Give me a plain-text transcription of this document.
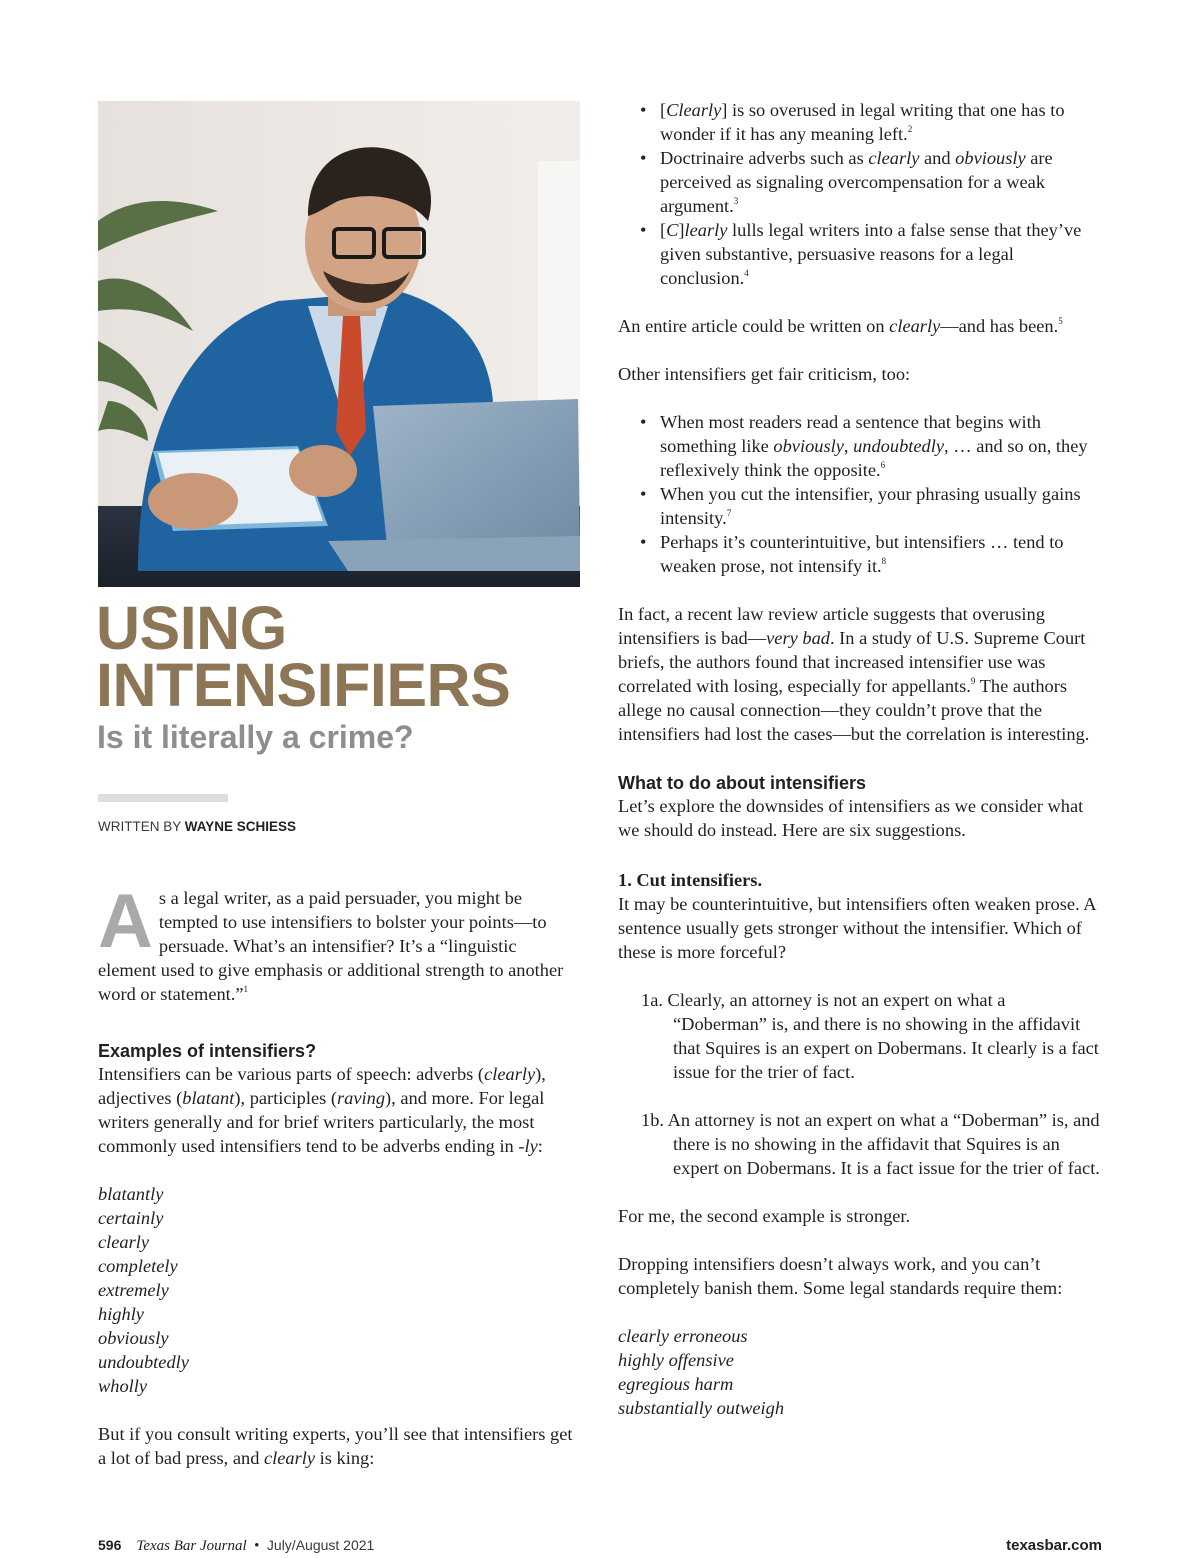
USING
INTENSIFIERS
Is it literally a crime?
WRITTEN BY WAYNE SCHIESS

As a legal writer, as a paid persuader, you might be tempted to use intensifiers to bolster your points—to persuade. What’s an intensifier? It’s a “linguistic element used to give emphasis or additional strength to another word or statement.”$^1$

Examples of intensifiers?

Intensifiers can be various parts of speech: adverbs (clearly), adjectives (blatant), participles (raving), and more. For legal writers generally and for brief writers particularly, the most commonly used intensifiers tend to be adverbs ending in -ly:

blatantly
certainly
clearly
completely
extremely
highly
obviously
undoubtedly
wholly

But if you consult writing experts, you’ll see that intensifiers get a lot of bad press, and clearly is king:

• [Clearly] is so overused in legal writing that one has to wonder if it has any meaning left.$^2$
• Doctrinaire adverbs such as clearly and obviously are perceived as signaling overcompensation for a weak argument.$^3$
• [C]learly lulls legal writers into a false sense that they’ve given substantive, persuasive reasons for a legal conclusion.$^4$

An entire article could be written on clearly—and has been.$^5$

Other intensifiers get fair criticism, too:

• When most readers read a sentence that begins with something like obviously, undoubtedly, … and so on, they reflexively think the opposite.$^6$
• When you cut the intensifier, your phrasing usually gains intensity.$^7$
• Perhaps it’s counterintuitive, but intensifiers … tend to weaken prose, not intensify it.$^8$

In fact, a recent law review article suggests that overusing intensifiers is bad—very bad. In a study of U.S. Supreme Court briefs, the authors found that increased intensifier use was correlated with losing, especially for appellants.$^9$ The authors allege no causal connection—they couldn’t prove that the intensifiers had lost the cases—but the correlation is interesting.

What to do about intensifiers

Let’s explore the downsides of intensifiers as we consider what we should do instead. Here are six suggestions.

1. Cut intensifiers.

It may be counterintuitive, but intensifiers often weaken prose. A sentence usually gets stronger without the intensifier. Which of these is more forceful?

1a. Clearly, an attorney is not an expert on what a “Doberman” is, and there is no showing in the affidavit that Squires is an expert on Dobermans. It clearly is a fact issue for the trier of fact.

1b. An attorney is not an expert on what a “Doberman” is, and there is no showing in the affidavit that Squires is an expert on Dobermans. It is a fact issue for the trier of fact.

For me, the second example is stronger.

Dropping intensifiers doesn’t always work, and you can’t completely banish them. Some legal standards require them:

clearly erroneous
highly offensive
egregious harm
substantially outweigh
596 Texas Bar Journal • July/August 2021	texasbar.com
